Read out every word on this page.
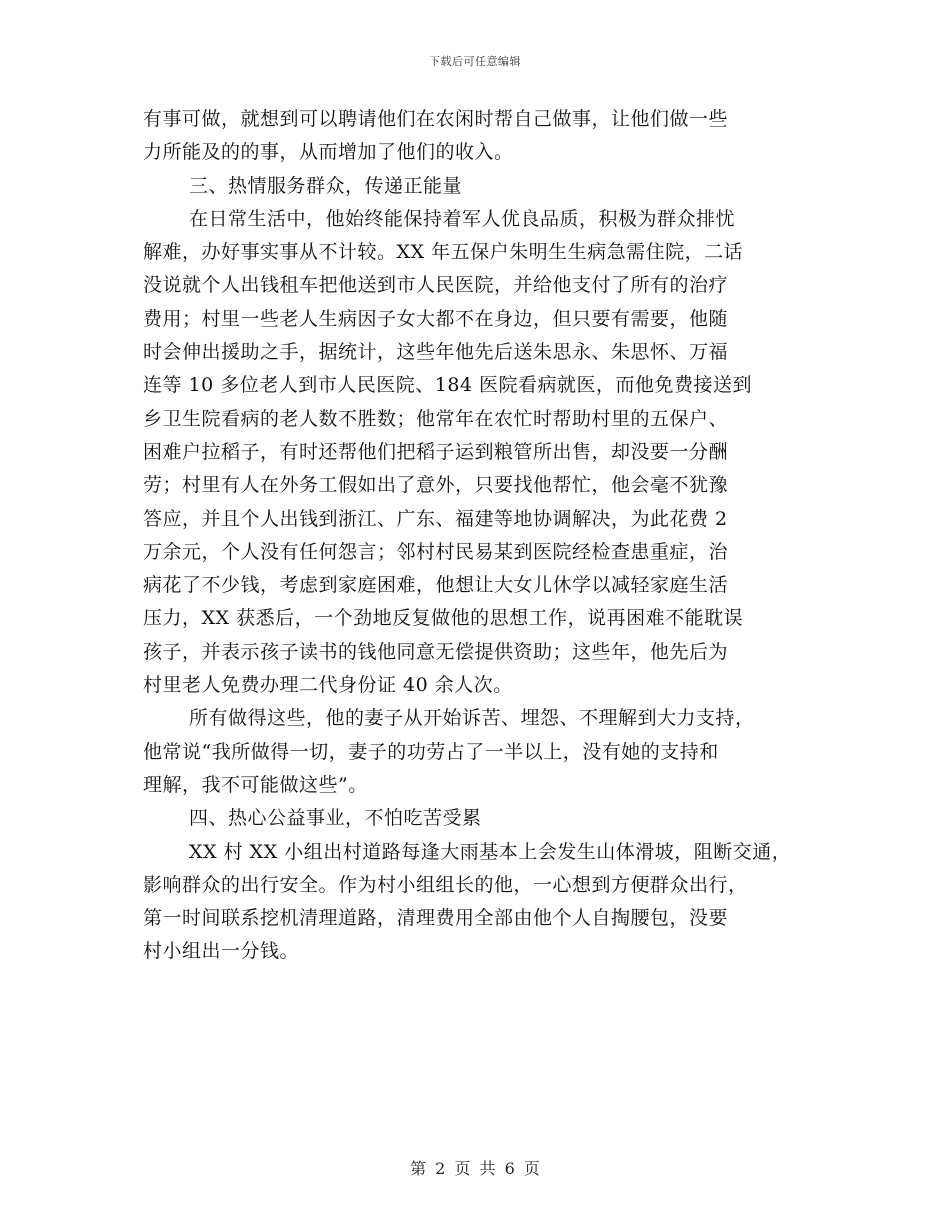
下载后可任意编辑
有事可做，就想到可以聘请他们在农闲时帮自己做事，让他们做一些
力所能及的的事，从而增加了他们的收入。
三、热情服务群众，传递正能量
在日常生活中，他始终能保持着军人优良品质，积极为群众排忧
解难，办好事实事从不计较。XX 年五保户朱明生生病急需住院，二话
没说就个人出钱租车把他送到市人民医院，并给他支付了所有的治疗
费用；村里一些老人生病因子女大都不在身边，但只要有需要，他随
时会伸出援助之手，据统计，这些年他先后送朱思永、朱思怀、万福
连等 10 多位老人到市人民医院、184 医院看病就医，而他免费接送到
乡卫生院看病的老人数不胜数；他常年在农忙时帮助村里的五保户、
困难户拉稻子，有时还帮他们把稻子运到粮管所出售，却没要一分酬
劳；村里有人在外务工假如出了意外，只要找他帮忙，他会毫不犹豫
答应，并且个人出钱到浙江、广东、福建等地协调解决，为此花费 2
万余元，个人没有任何怨言；邻村村民易某到医院经检查患重症，治
病花了不少钱，考虑到家庭困难，他想让大女儿休学以减轻家庭生活
压力，XX 获悉后，一个劲地反复做他的思想工作，说再困难不能耽误
孩子，并表示孩子读书的钱他同意无偿提供资助；这些年，他先后为
村里老人免费办理二代身份证 40 余人次。
所有做得这些，他的妻子从开始诉苦、埋怨、不理解到大力支持，
他常说“我所做得一切，妻子的功劳占了一半以上，没有她的支持和
理解，我不可能做这些”。
四、热心公益事业，不怕吃苦受累
XX 村 XX 小组出村道路每逢大雨基本上会发生山体滑坡，阻断交通，
影响群众的出行安全。作为村小组组长的他，一心想到方便群众出行，
第一时间联系挖机清理道路，清理费用全部由他个人自掏腰包，没要
村小组出一分钱。
第 2 页 共 6 页
